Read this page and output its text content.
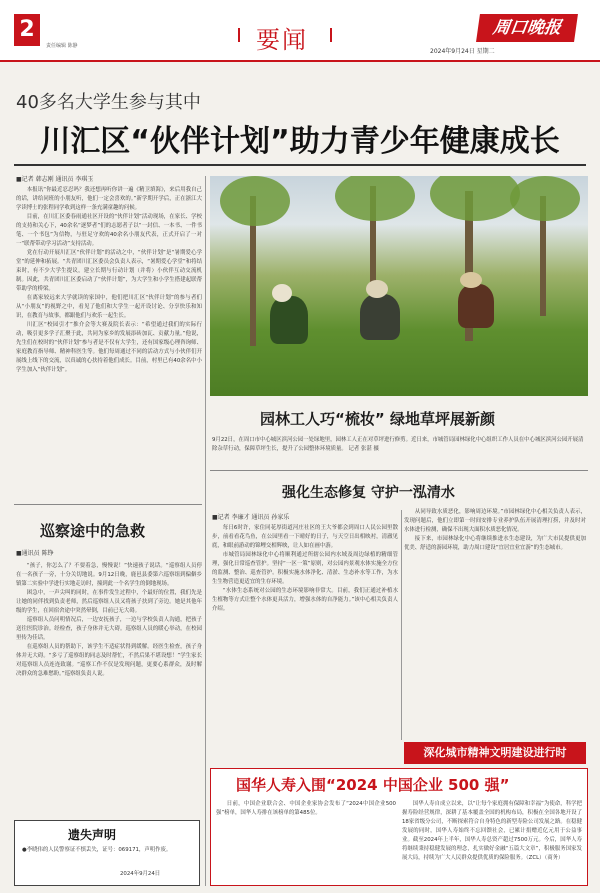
2
责任编辑 陈静	要闻	周口晚报
2024年9月24日 星期二
40多名大学生参与其中
川汇区“伙伴计划”助力青少年健康成长
■记者 韩志刚 通讯员 李琪玉

本报讯“你最近忍忍吗？我还想再听你讲一遍《精卫填海》，来后用我自己的话，讲给同班的小朋友听，他们一定会喜欢的。”新学期开学后，正在浙江大学读博士的张程同学收到这样一条充满童趣的问候。

目前，在川汇区委春雨通社区开设的“伙伴计划”活动现场，在家长、学校的支持和关心下，40余名“逐梦者”们的志愿者子以“一封信、一本书、一件书笔、一个书包”为信物，与驻足守欢的40余名小朋友代表，正式开启了一对一“联帮带动学习活动”支持活动。

党在行动开展川汇区“伙伴计划”的活动之中，“伙伴计划”是“暑期爱心学堂”的延伸和拓展。“共青团川汇区委员会负责人表示，“暑期爱心学堂”和将结束时，有不少大学生提议，建立长期与行动计划（并将）小伙伴互动交流机制。因此，共青团川汇区委启动了“伙伴计划”，为大学生和小学生搭建起联帮带助学的桥梁。

在离家较远来大学就读的家国中，他们把川汇区“伙伴计划”的参与者们从“小朋友”的视野之中，看见了他们和大学生一起开设讨论、分享快乐和知识，在教育与故事，都跟他们与欢乐一起生长。

川汇区“校园引才”推介会等大赛及院长表示：“希望通过我们的实际行动，吸引更多学子汇聚于此，共同为家乡的发展添砖加瓦、贡献力量。”他说，先生们在校时的“伙伴计划”参与者是不仅有大学生，还有国家级心理咨询师、家庭教育指导师、精神科医生等。他们每周通过不同的活动方式与小伙伴们开展线上线下的交流，以真诚的心扶持着他们成长。目前，村里已有40余名中小学生加入“伙伴计划”。

园林工人巧“梳妆” 绿地草坪展新颜
9月22日，在周口市中心城区滨河公园一处绿地里，园林工人正在对草坪进行修剪。近日来，市城管局园林绿化中心组织工作人员在中心城区滨河公园开展清除杂草行动，保障草坪生长，提升了公园整体环境质量。 记者 张湛 摄
强化生态修复 守护一泓清水
■记者 李廉才 通讯员 孙家乐

每日6时许，家住同花厚街道河庄社区的王大爷都会到周口人民公园里散步，前看看花鸟鱼，在公园里看一下晴好的日子，与天空日出相映衬，清澈见底，和眼前游动的锦鲤交相辉映，让人如在画中游。

市城管局园林绿化中心将顺利通过所辖公园内水域及周边绿植的精细管理，强化日常巡查管护。坚持“一区一策”原则，对公园内景观水体实施全方位的监测、整治、巡查管护。积极实施水体净化、清淤、生态补水等工作，为水生生物营造更适宜的生存环境。

“水体生态系统对公园的生态环境影响非常大。目前，我们正通过补植水生植物等方式让整个水体更具活力，增强水体的自净能力。”该中心相关负责人介绍。

从同导致水质恶化，影响周边环境。”市园林绿化中心相关负责人表示，发现问题后，他们立即第一时间安排专业养护队伍开展清理打捞，并及时对水体进行检测，确保不出现大面积水质恶化情况。

接下来，市园林绿化中心将继续推进水生态建设，为广大市民提供更加优美、舒适的游园环境，助力周口建设“宜居宜业宜游”的生态城市。

深化城市精神文明建设进行时
巡察途中的急救
■通讯员 陈铮

“孩子，你怎么了？不要着急，慢慢说！”快速孩子说话。“巡察组人员停在一名孩子一旁，十分关切地说。9月12日晚，鹿邑县委第六巡察组到偏僻乡镇第二实验中学进行实地走访时，撞到此一个名学生的倒地现场。

困急中，一声尖叫的同时，在事件发生过程中，个最好的位置，我们先是让她的同伴找到负责老师，然后巡察组人员又将孩子扶到了旁边。她是其他年级的学生，在回宿舍途中突然晕倒，目前已无大碍。

巡察组人员问明情况后，一边安抚孩子，一边与学校负责人沟通，把孩子送往医院诊治。经检查，孩子身体并无大碍。巡察组人员的暖心举动，在校园里传为佳话。

在巡察组人员的帮助下，该学生不适症状得到缓解。经医生检查，孩子身体并无大碍。“多亏了巡察组的同志及时帮忙，不然后果不堪设想！”学生家长对巡察组人员连连致谢。“巡察工作不仅是发现问题，更要心系群众，及时解决群众的急难愁盼。”巡察组负责人说。

遗失声明
●李晓伟的人民警察证不慎丢失，证号：069171，声明作废。
2024年9月24日
国华人寿入围“2024 中国企业 500 强”

日前，中国企业联合会、中国企业家协会发布了“2024中国企业500强”榜单，国华人寿排在该榜单的第485位。

国华人寿自成立以来，以“让每个家庭拥有保障和幸福”为使命，科学把握寿险经营规律，深耕了基本覆盖全国的机构布局，积极在全国各地开设了18家省级分公司，不断探索符合自身特色的新型寿险公司发展之路。在稳健发展的同时，国华人寿始终不忘回馈社会，已累计捐赠近亿元用于公益事业。截至2024年上半年，国华人寿总资产超过7500万元。今后，国华人寿将继续秉持稳健发展的理念，扎实做好金融“五篇大文章”，积极服务国家发展大局，持续为广大人民群众提供优质的保险服务。（ZCL）（商务）
